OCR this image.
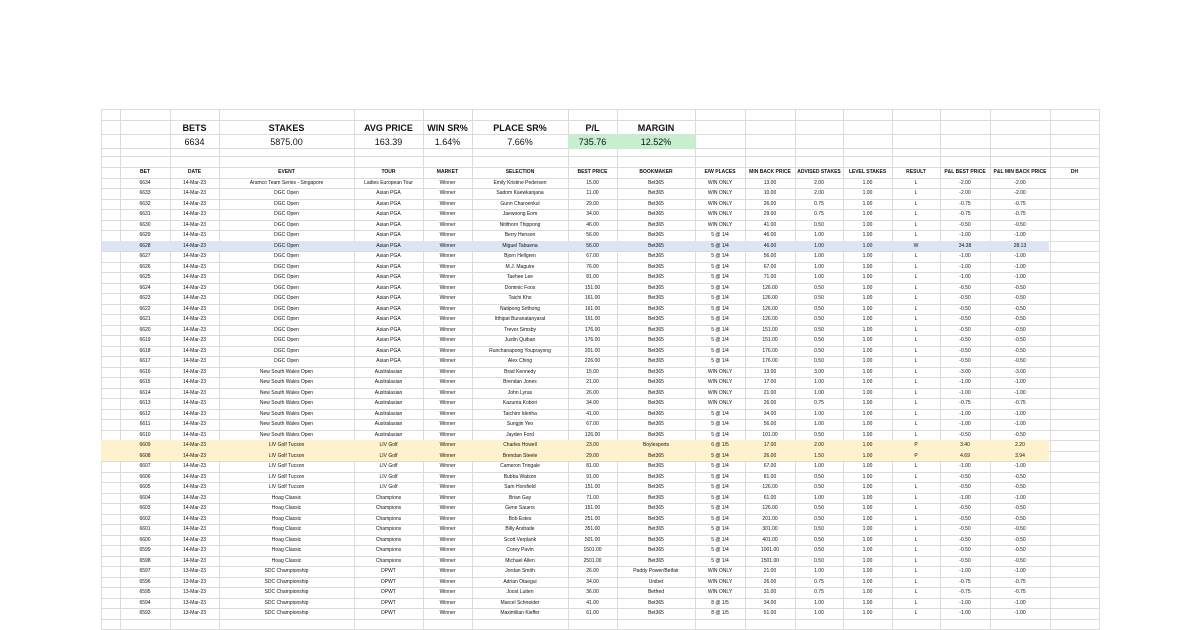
BETS	STAKES	AVG PRICE	WIN SR%	PLACE SR%	P/L	MARGIN
6634	5875.00	163.39	1.64%	7.66%	735.76	12.52%
BET	DATE	EVENT	TOUR	MARKET	SELECTION	BEST PRICE	BOOKMAKER	E/W PLACES	MIN BACK PRICE	ADVISED STAKES	LEVEL STAKES	RESULT	P&L BEST PRICE	P&L MIN BACK PRICE	DH
6634	14-Mar-23	Aramco Team Series - Singapore	Ladies European Tour	Winner	Emily Kristine Pedersen	15.00	Bet365	WIN ONLY	13.00	2.00	1.00	L	-2.00	-2.00
6633	14-Mar-23	DGC Open	Asian PGA	Winner	Sadom Kaewkanjana	11.00	Bet365	WIN ONLY	10.00	2.00	1.00	L	-2.00	-2.00
6632	14-Mar-23	DGC Open	Asian PGA	Winner	Gunn Charoenkul	29.00	Bet365	WIN ONLY	26.00	0.75	1.00	L	-0.75	-0.75
6631	14-Mar-23	DGC Open	Asian PGA	Winner	Jaewoong Eom	34.00	Bet365	WIN ONLY	29.00	0.75	1.00	L	-0.75	-0.75
6630	14-Mar-23	DGC Open	Asian PGA	Winner	Nitithorn Thippong	46.00	Bet365	WIN ONLY	41.00	0.50	1.00	L	-0.50	-0.50
6629	14-Mar-23	DGC Open	Asian PGA	Winner	Berry Henson	56.00	Bet365	5 @ 1/4	46.00	1.00	1.00	L	-1.00	-1.00
6628	14-Mar-23	DGC Open	Asian PGA	Winner	Miguel Tabuena	56.00	Bet365	5 @ 1/4	46.00	1.00	1.00	W	34.38	28.13
6627	14-Mar-23	DGC Open	Asian PGA	Winner	Bjorn Hellgren	67.00	Bet365	5 @ 1/4	56.00	1.00	1.00	L	-1.00	-1.00
6626	14-Mar-23	DGC Open	Asian PGA	Winner	M.J. Maguire	76.00	Bet365	5 @ 1/4	67.00	1.00	1.00	L	-1.00	-1.00
6625	14-Mar-23	DGC Open	Asian PGA	Winner	Taehee Lee	81.00	Bet365	5 @ 1/4	71.00	1.00	1.00	L	-1.00	-1.00
6624	14-Mar-23	DGC Open	Asian PGA	Winner	Dominic Foos	151.00	Bet365	5 @ 1/4	126.00	0.50	1.00	L	-0.50	-0.50
6623	14-Mar-23	DGC Open	Asian PGA	Winner	Taichi Kho	161.00	Bet365	5 @ 1/4	126.00	0.50	1.00	L	-0.50	-0.50
6622	14-Mar-23	DGC Open	Asian PGA	Winner	Natipong Srithong	161.00	Bet365	5 @ 1/4	126.00	0.50	1.00	L	-0.50	-0.50
6621	14-Mar-23	DGC Open	Asian PGA	Winner	Itthipat Buranatanyarat	161.00	Bet365	5 @ 1/4	126.00	0.50	1.00	L	-0.50	-0.50
6620	14-Mar-23	DGC Open	Asian PGA	Winner	Trevor Simsby	176.00	Bet365	5 @ 1/4	151.00	0.50	1.00	L	-0.50	-0.50
6619	14-Mar-23	DGC Open	Asian PGA	Winner	Justin Quiban	176.00	Bet365	5 @ 1/4	151.00	0.50	1.00	L	-0.50	-0.50
6618	14-Mar-23	DGC Open	Asian PGA	Winner	Runchanapong Youprayong	201.00	Bet365	5 @ 1/4	176.00	0.50	1.00	L	-0.50	-0.50
6617	14-Mar-23	DGC Open	Asian PGA	Winner	Alex Ching	226.00	Bet365	5 @ 1/4	176.00	0.50	1.00	L	-0.50	-0.50
6616	14-Mar-23	New South Wales Open	Australasian	Winner	Brad Kennedy	15.00	Bet365	WIN ONLY	13.00	3.00	1.00	L	-3.00	-3.00
6615	14-Mar-23	New South Wales Open	Australasian	Winner	Brendan Jones	21.00	Bet365	WIN ONLY	17.00	1.00	1.00	L	-1.00	-1.00
6614	14-Mar-23	New South Wales Open	Australasian	Winner	John Lyras	26.00	Bet365	WIN ONLY	21.00	1.00	1.00	L	-1.00	-1.00
6613	14-Mar-23	New South Wales Open	Australasian	Winner	Kazuma Kobori	34.00	Bet365	WIN ONLY	26.00	0.75	1.00	L	-0.75	-0.75
6612	14-Mar-23	New South Wales Open	Australasian	Winner	Taichiro Ideriha	41.00	Bet365	5 @ 1/4	34.00	1.00	1.00	L	-1.00	-1.00
6611	14-Mar-23	New South Wales Open	Australasian	Winner	Sungjin Yeo	67.00	Bet365	5 @ 1/4	56.00	1.00	1.00	L	-1.00	-1.00
6610	14-Mar-23	New South Wales Open	Australasian	Winner	Jayden Ford	126.00	Bet365	5 @ 1/4	101.00	0.50	1.00	L	-0.50	-0.50
6609	14-Mar-23	LIV Golf Tucson	LIV Golf	Winner	Charles Howell	23.00	Boylesports	6 @ 1/5	17.00	2.00	1.00	P	3.40	2.20
6608	14-Mar-23	LIV Golf Tucson	LIV Golf	Winner	Brendan Steele	29.00	Bet365	5 @ 1/4	26.00	1.50	1.00	P	4.69	3.94
6607	14-Mar-23	LIV Golf Tucson	LIV Golf	Winner	Cameron Tringale	81.00	Bet365	5 @ 1/4	67.00	1.00	1.00	L	-1.00	-1.00
6606	14-Mar-23	LIV Golf Tucson	LIV Golf	Winner	Bubba Watson	91.00	Bet365	5 @ 1/4	81.00	0.50	1.00	L	-0.50	-0.50
6605	14-Mar-23	LIV Golf Tucson	LIV Golf	Winner	Sam Horsfield	151.00	Bet365	5 @ 1/4	126.00	0.50	1.00	L	-0.50	-0.50
6604	14-Mar-23	Hoag Classic	Champions	Winner	Brian Gay	71.00	Bet365	5 @ 1/4	61.00	1.00	1.00	L	-1.00	-1.00
6603	14-Mar-23	Hoag Classic	Champions	Winner	Gene Sauers	151.00	Bet365	5 @ 1/4	126.00	0.50	1.00	L	-0.50	-0.50
6602	14-Mar-23	Hoag Classic	Champions	Winner	Bob Estes	251.00	Bet365	5 @ 1/4	201.00	0.50	1.00	L	-0.50	-0.50
6601	14-Mar-23	Hoag Classic	Champions	Winner	Billy Andrade	351.00	Bet365	5 @ 1/4	301.00	0.50	1.00	L	-0.50	-0.50
6600	14-Mar-23	Hoag Classic	Champions	Winner	Scott Verplank	501.00	Bet365	5 @ 1/4	401.00	0.50	1.00	L	-0.50	-0.50
6599	14-Mar-23	Hoag Classic	Champions	Winner	Corey Pavin	1501.00	Bet365	5 @ 1/4	1001.00	0.50	1.00	L	-0.50	-0.50
6598	14-Mar-23	Hoag Classic	Champions	Winner	Michael Allen	2501.00	Bet365	5 @ 1/4	1501.00	0.50	1.00	L	-0.50	-0.50
6597	13-Mar-23	SDC Championship	DPWT	Winner	Jordan Smith	26.00	Paddy Power/Betfair	WIN ONLY	21.00	1.00	1.00	L	-1.00	-1.00
6596	13-Mar-23	SDC Championship	DPWT	Winner	Adrian Otaegui	34.00	Unibet	WIN ONLY	26.00	0.75	1.00	L	-0.75	-0.75
6595	13-Mar-23	SDC Championship	DPWT	Winner	Joost Luiten	36.00	Betfred	WIN ONLY	31.00	0.75	1.00	L	-0.75	-0.75
6594	13-Mar-23	SDC Championship	DPWT	Winner	Marcel Schneider	41.00	Bet365	8 @ 1/5	34.00	1.00	1.00	L	-1.00	-1.00
6593	13-Mar-23	SDC Championship	DPWT	Winner	Maximilian Kieffer	61.00	Bet365	8 @ 1/5	51.00	1.00	1.00	L	-1.00	-1.00
